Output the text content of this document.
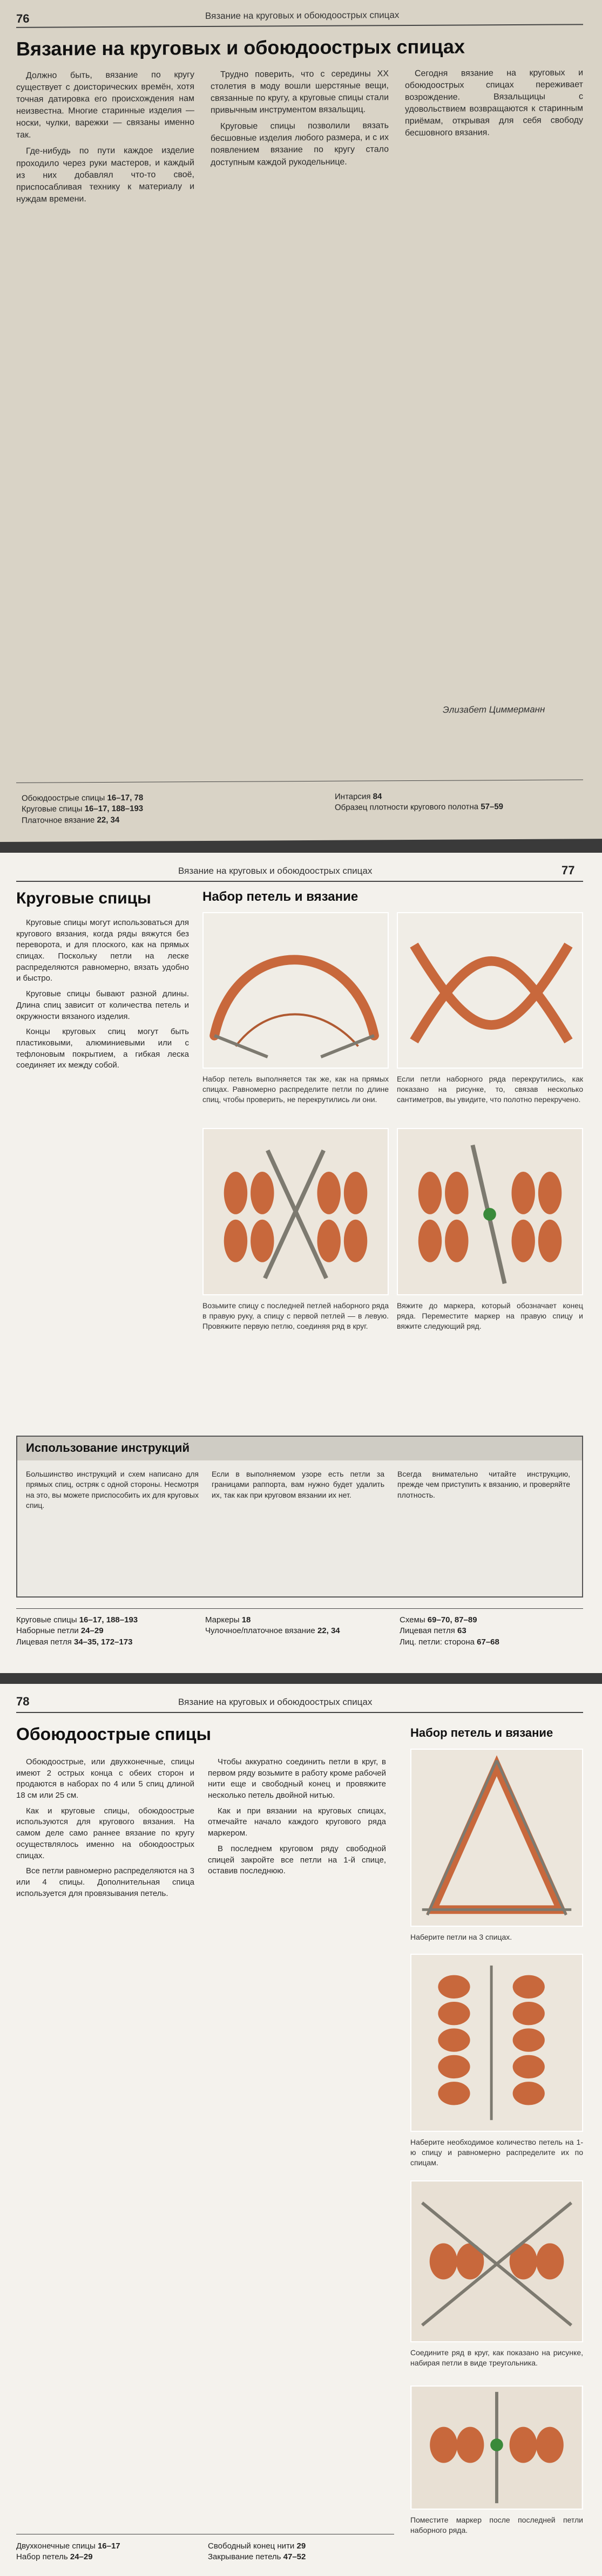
76	Вязание на круговых и обоюдоострых спицах
Вязание на круговых и обоюдоострых спицах

Должно быть, вязание по кругу существует с доисторических времён, хотя точная датировка его происхождения нам неизвестна. Многие старинные изделия — носки, чулки, варежки — связаны именно так.

Где-нибудь по пути каждое изделие проходило через руки мастеров, и каждый из них добавлял что-то своё, приспосабливая технику к материалу и нуждам времени.

Трудно поверить, что с середины XX столетия в моду вошли шерстяные вещи, связанные по кругу, а круговые спицы стали привычным инструментом вязальщиц.

Круговые спицы позволили вязать бесшовные изделия любого размера, и с их появлением вязание по кругу стало доступным каждой рукодельнице.

Сегодня вязание на круговых и обоюдоострых спицах переживает возрождение. Вязальщицы с удовольствием возвращаются к старинным приёмам, открывая для себя свободу бесшовного вязания.

Элизабет Циммерманн
Обоюдоострые спицы 16–17, 78
Круговые спицы 16–17, 188–193
Платочное вязание 22, 34
Интарсия 84
Образец плотности кругового полотна 57–59
Вязание на круговых и обоюдоострых спицах	77
Круговые спицы

Круговые спицы могут использоваться для кругового вязания, когда ряды вяжутся без переворота, и для плоского, как на прямых спицах. Поскольку петли на леске распределяются равномерно, вязать удобно и быстро.

Круговые спицы бывают разной длины. Длина спиц зависит от количества петель и окружности вязаного изделия.

Концы круговых спиц могут быть пластиковыми, алюминиевыми или с тефлоновым покрытием, а гибкая леска соединяет их между собой.

Набор петель и вязание
Набор петель выполняется так же, как на прямых спицах. Равномерно распределите петли по длине спиц, чтобы проверить, не перекрутились ли они.
Если петли наборного ряда перекрутились, как показано на рисунке, то, связав несколько сантиметров, вы увидите, что полотно перекручено.
Возьмите спицу с последней петлей наборного ряда в правую руку, а спицу с первой петлей — в левую. Провяжите первую петлю, соединяя ряд в круг.
Вяжите до маркера, который обозначает конец ряда. Переместите маркер на правую спицу и вяжите следующий ряд.
Использование инструкций
Большинство инструкций и схем написано для прямых спиц, остряк с одной стороны. Несмотря на это, вы можете приспособить их для круговых спиц.
Если в выполняемом узоре есть петли за границами раппорта, вам нужно будет удалить их, так как при круговом вязании их нет.
Всегда внимательно читайте инструкцию, прежде чем приступить к вязанию, и проверяйте плотность.
Круговые спицы 16–17, 188–193
Наборные петли 24–29
Лицевая петля 34–35, 172–173
Маркеры 18
Чулочное/платочное вязание 22, 34
Схемы 69–70, 87–89
Лицевая петля 63
Лиц. петли: сторона 67–68
78	Вязание на круговых и обоюдоострых спицах
Обоюдоострые спицы

Обоюдоострые, или двухконечные, спицы имеют 2 острых конца с обеих сторон и продаются в наборах по 4 или 5 спиц длиной 18 см или 25 см.

Как и круговые спицы, обоюдоострые используются для кругового вязания. На самом деле само раннее вязание по кругу осуществлялось именно на обоюдоострых спицах.

Все петли равномерно распределяются на 3 или 4 спицы. Дополнительная спица используется для провязывания петель.

Чтобы аккуратно соединить петли в круг, в первом ряду возьмите в работу кроме рабочей нити еще и свободный конец и провяжите несколько петель двойной нитью.

Как и при вязании на круговых спицах, отмечайте начало каждого кругового ряда маркером.

В последнем круговом ряду свободной спицей закройте все петли на 1-й спице, оставив последнюю.

Набор петель и вязание
Наберите петли на 3 спицах.
Наберите необходимое количество петель на 1-ю спицу и равномерно распределите их по спицам.
Соедините ряд в круг, как показано на рисунке, набирая петли в виде треугольника.
Поместите маркер после последней петли наборного ряда.
Двухконечные спицы 16–17
Набор петель 24–29
Свободный конец нити 29
Закрывание петель 47–52
